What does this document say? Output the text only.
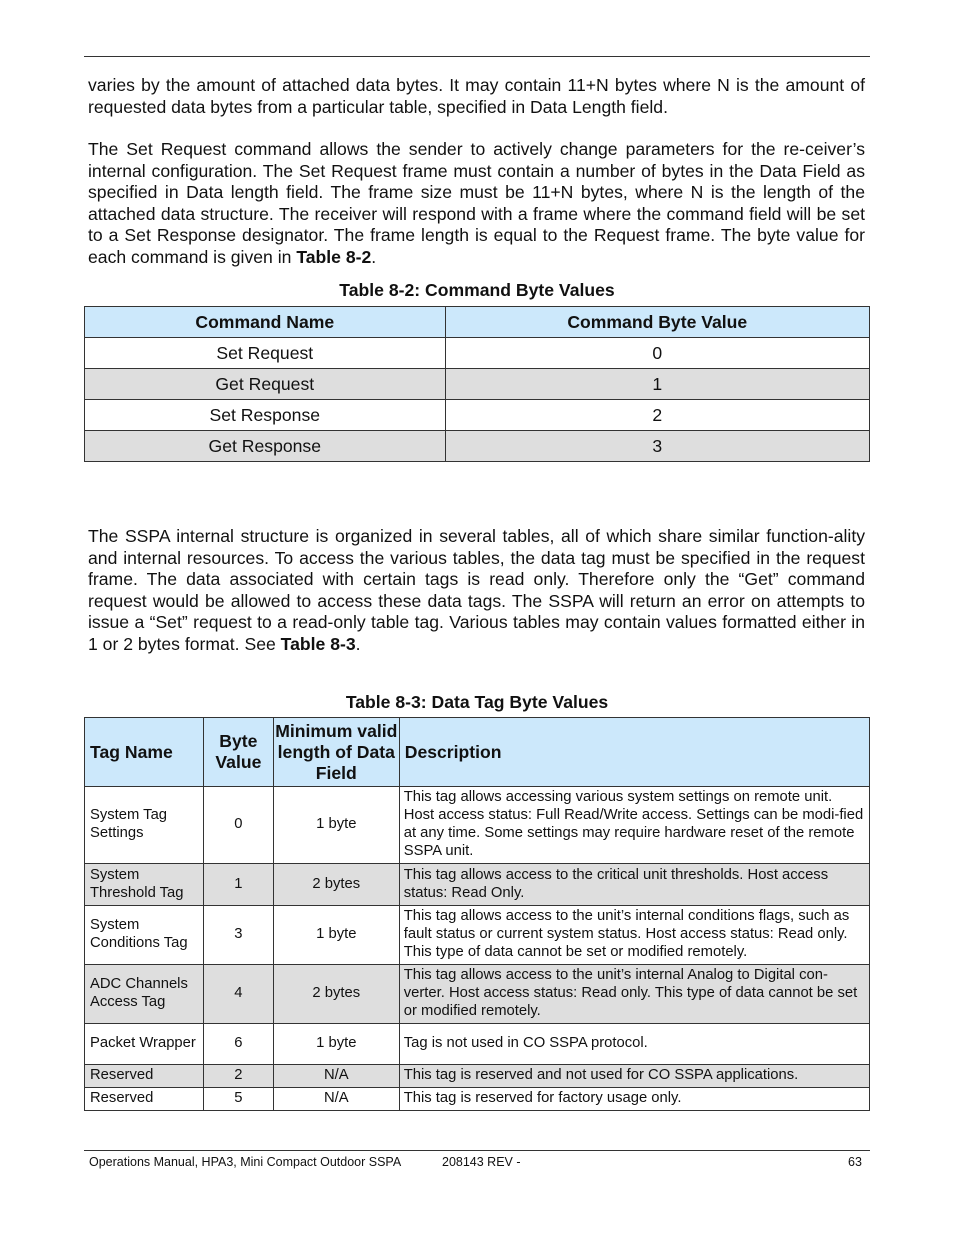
varies by the amount of attached data bytes. It may contain 11+N bytes where N is the amount of requested data bytes from a particular table, specified in Data Length field.

The Set Request command allows the sender to actively change parameters for the re-ceiver’s internal configuration. The Set Request frame must contain a number of bytes in the Data Field as specified in Data length field. The frame size must be 11+N bytes, where N is the length of the attached data structure. The receiver will respond with a frame where the command field will be set to a Set Response designator. The frame length is equal to the Request frame. The byte value for each command is given in Table 8-2.

Table 8-2: Command Byte Values

Command Name	Command Byte Value
Set Request	0
Get Request	1
Set Response	2
Get Response	3

The SSPA internal structure is organized in several tables, all of which share similar function-ality and internal resources. To access the various tables, the data tag must be specified in the request frame. The data associated with certain tags is read only. Therefore only the “Get” command request would be allowed to access these data tags. The SSPA will return an error on attempts to issue a “Set” request to a read-only table tag. Various tables may contain values formatted either in 1 or 2 bytes format. See Table 8-3.

Table 8-3: Data Tag Byte Values

Tag Name	Byte Value	Minimum valid length of Data Field	Description
System Tag Settings	0	1 byte	This tag allows accessing various system settings on remote unit. Host access status: Full Read/Write access. Settings can be modi-fied at any time. Some settings may require hardware reset of the remote SSPA unit.
System Threshold Tag	1	2 bytes	This tag allows access to the critical unit thresholds. Host access status: Read Only.
System Conditions Tag	3	1 byte	This tag allows access to the unit’s internal conditions flags, such as fault status or current system status. Host access status: Read only. This type of data cannot be set or modified remotely.
ADC Channels Access Tag	4	2 bytes	This tag allows access to the unit’s internal Analog to Digital con-verter. Host access status: Read only. This type of data cannot be set or modified remotely.
Packet Wrapper	6	1 byte	Tag is not used in CO SSPA protocol.
Reserved	2	N/A	This tag is reserved and not used for CO SSPA applications.
Reserved	5	N/A	This tag is reserved for factory usage only.
Operations Manual, HPA3, Mini Compact Outdoor SSPA	208143 REV -	63
